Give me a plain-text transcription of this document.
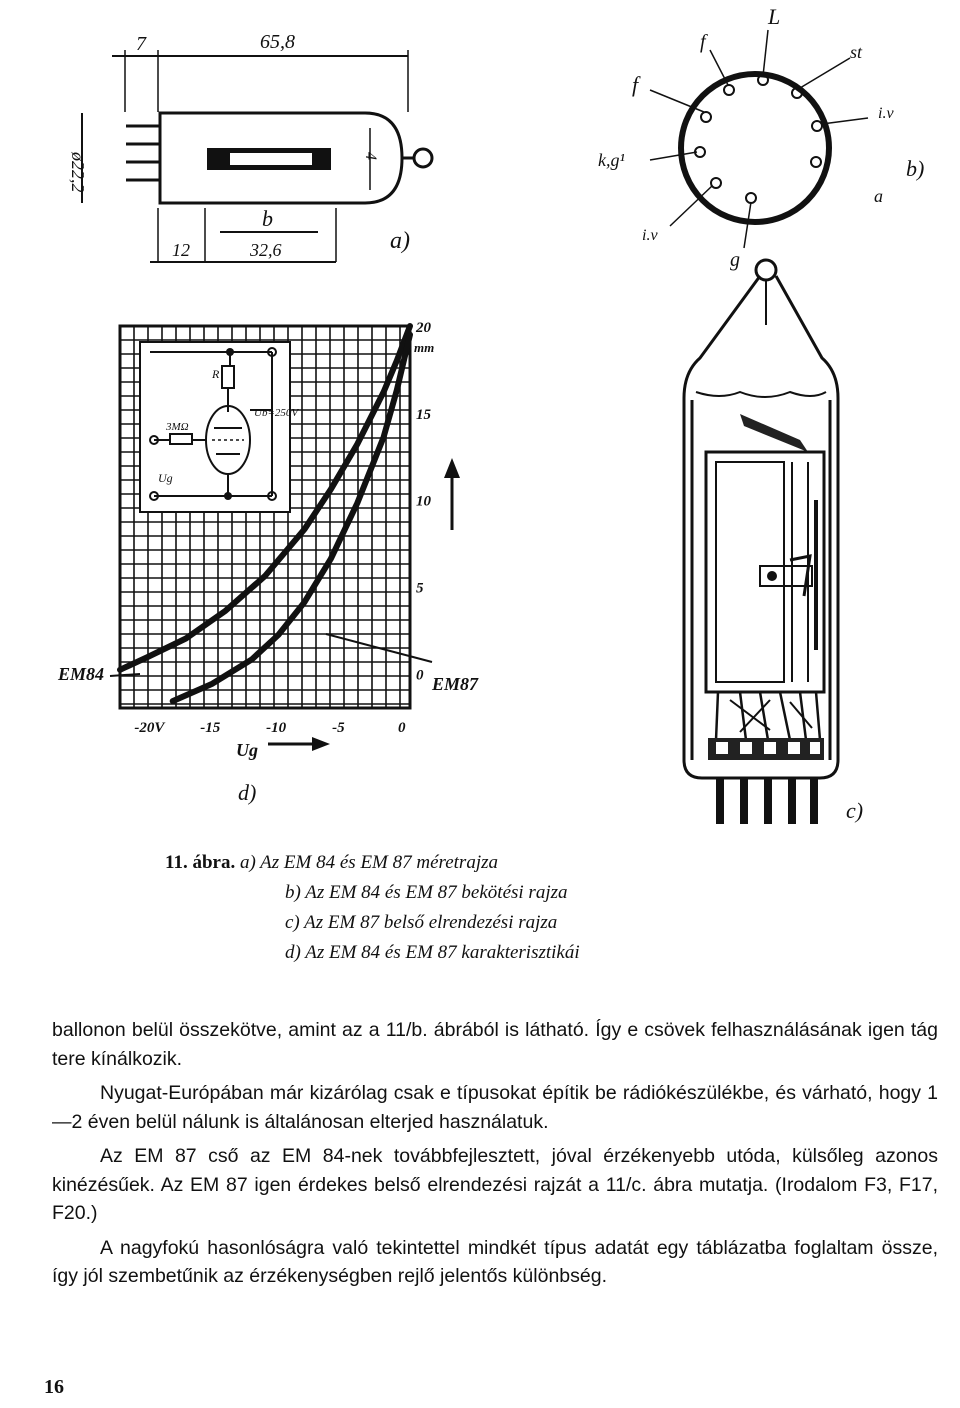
7	65,8
ø22,2	4
b
12	32,6	a)
L
f
f
k,g¹
i.v
g
a
i.v
st
b)
c)
R
3MΩ
Ub=250V
Ug
-20V -15	-10	-5	0
0
5
10
15
20
mm
EM84	EM87
Ug
d)
11. ábra. a) Az EM 84 és EM 87 méretrajza
b) Az EM 84 és EM 87 bekötési rajza
c) Az EM 87 belső elrendezési rajza
d) Az EM 84 és EM 87 karakterisztikái

ballonon belül összekötve, amint az a 11/b. ábrából is látható. Így e csövek felhasználásának igen tág tere kínálkozik.

Nyugat-Európában már kizárólag csak e típusokat építik be rádiókészülékbe, és várható, hogy 1—2 éven belül nálunk is általánosan elterjed használatuk.

Az EM 87 cső az EM 84-nek továbbfejlesztett, jóval érzékenyebb utóda, külsőleg azonos kinézésűek. Az EM 87 igen érdekes belső elrendezési rajzát a 11/c. ábra mutatja. (Irodalom F3, F17, F20.)

A nagyfokú hasonlóságra való tekintettel mindkét típus adatát egy táblázatba foglaltam össze, így jól szembetűnik az érzékenységben rejlő jelentős különbség.

16
